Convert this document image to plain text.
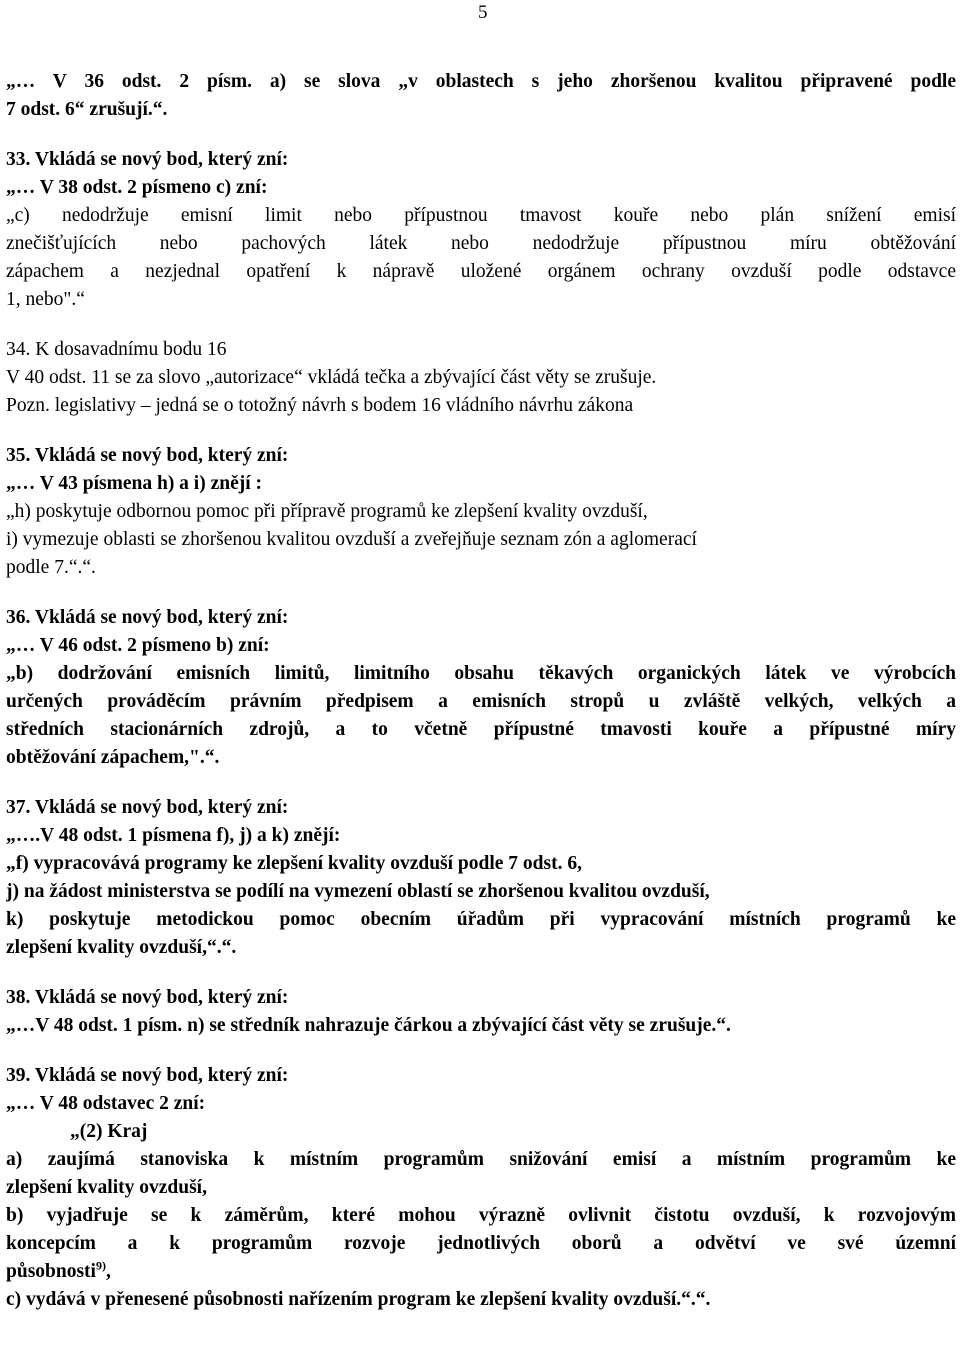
5
„… V 36 odst. 2 písm. a) se slova „v oblastech s jeho zhoršenou kvalitou připravené podle
7 odst. 6“ zrušují.“.
33. Vkládá se nový bod, který zní:
„… V 38 odst. 2 písmeno c) zní:
„c) nedodržuje emisní limit nebo přípustnou tmavost kouře nebo plán snížení emisí
znečišťujících nebo pachových látek nebo nedodržuje přípustnou míru obtěžování
zápachem a nezjednal opatření k nápravě uložené orgánem ochrany ovzduší podle odstavce
1, nebo".“
34. K dosavadnímu bodu 16
V 40 odst. 11 se za slovo „autorizace“ vkládá tečka a zbývající část věty se zrušuje.
Pozn. legislativy – jedná se o totožný návrh s bodem 16 vládního návrhu zákona
35. Vkládá se nový bod, který zní:
„… V 43 písmena h) a i) znějí :
„h) poskytuje odbornou pomoc při přípravě programů ke zlepšení kvality ovzduší,
i) vymezuje oblasti se zhoršenou kvalitou ovzduší a zveřejňuje seznam zón a aglomerací
podle 7.“.“.
36. Vkládá se nový bod, který zní:
„… V 46 odst. 2 písmeno b) zní:
„b) dodržování emisních limitů, limitního obsahu těkavých organických látek ve výrobcích
určených prováděcím právním předpisem a emisních stropů u zvláště velkých, velkých a
středních stacionárních zdrojů, a to včetně přípustné tmavosti kouře a přípustné míry
obtěžování zápachem,".“.
37. Vkládá se nový bod, který zní:
„….V 48 odst. 1 písmena f), j) a k) znějí:
„f) vypracovává programy ke zlepšení kvality ovzduší podle 7 odst. 6,
j) na žádost ministerstva se podílí na vymezení oblastí se zhoršenou kvalitou ovzduší,
k) poskytuje metodickou pomoc obecním úřadům při vypracování místních programů ke
zlepšení kvality ovzduší,“.“.
38. Vkládá se nový bod, který zní:
„…V 48 odst. 1 písm. n) se středník nahrazuje čárkou a zbývající část věty se zrušuje.“.
39. Vkládá se nový bod, který zní:
„… V 48 odstavec 2 zní:
„(2) Kraj
a) zaujímá stanoviska k místním programům snižování emisí a místním programům ke
zlepšení kvality ovzduší,
b) vyjadřuje se k záměrům, které mohou výrazně ovlivnit čistotu ovzduší, k rozvojovým
koncepcím a k programům rozvoje jednotlivých oborů a odvětví ve své územní
působnosti$^{9)}$,
c) vydává v přenesené působnosti nařízením program ke zlepšení kvality ovzduší.“.“.
